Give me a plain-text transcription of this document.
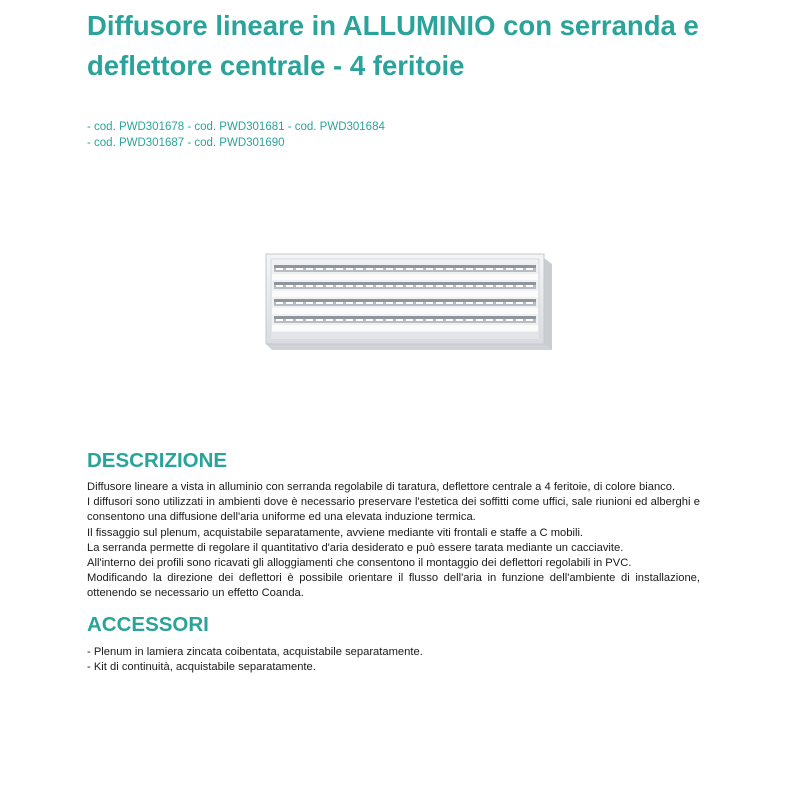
Diffusore lineare in ALLUMINIO con serranda e deflettore centrale - 4 feritoie
- cod. PWD301678 - cod. PWD301681 - cod. PWD301684
- cod. PWD301687 - cod. PWD301690
DESCRIZIONE

Diffusore lineare a vista in alluminio con serranda regolabile di taratura, deflettore centrale a 4 feritoie, di colore bianco.

I diffusori sono utilizzati in ambienti dove è necessario preservare l'estetica dei soffitti come uffici, sale riunioni ed alberghi e consentono una diffusione dell'aria uniforme ed una elevata induzione termica.

Il fissaggio sul plenum, acquistabile separatamente, avviene mediante viti frontali e staffe a C mobili.

La serranda permette di regolare il quantitativo d'aria desiderato e può essere tarata mediante un cacciavite.

All'interno dei profili sono ricavati gli alloggiamenti che consentono il montaggio dei deflettori regolabili in PVC.

Modificando la direzione dei deflettori è possibile orientare il flusso dell'aria in funzione dell'ambiente di installazione, ottenendo se necessario un effetto Coanda.

ACCESSORI
- Plenum in lamiera zincata coibentata, acquistabile separatamente.
- Kit di continuità, acquistabile separatamente.
